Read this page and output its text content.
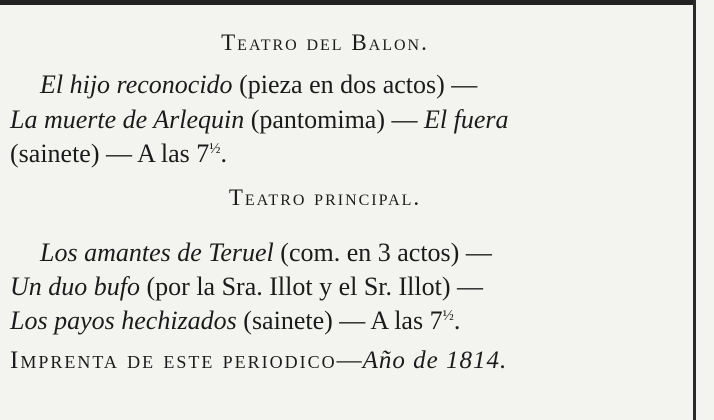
Teatro del Balon.
El hijo reconocido (pieza en dos actos) —
La muerte de Arlequin (pantomima) — El fuera
(sainete) — A las $7^{\frac{1}{2}}$.
Teatro principal.
Los amantes de Teruel (com. en 3 actos) —
Un duo bufo (por la Sra. Illot y el Sr. Illot) —
Los payos hechizados (sainete) — A las $7^{\frac{1}{2}}$.
Imprenta de este periodico—Año de 1814.
